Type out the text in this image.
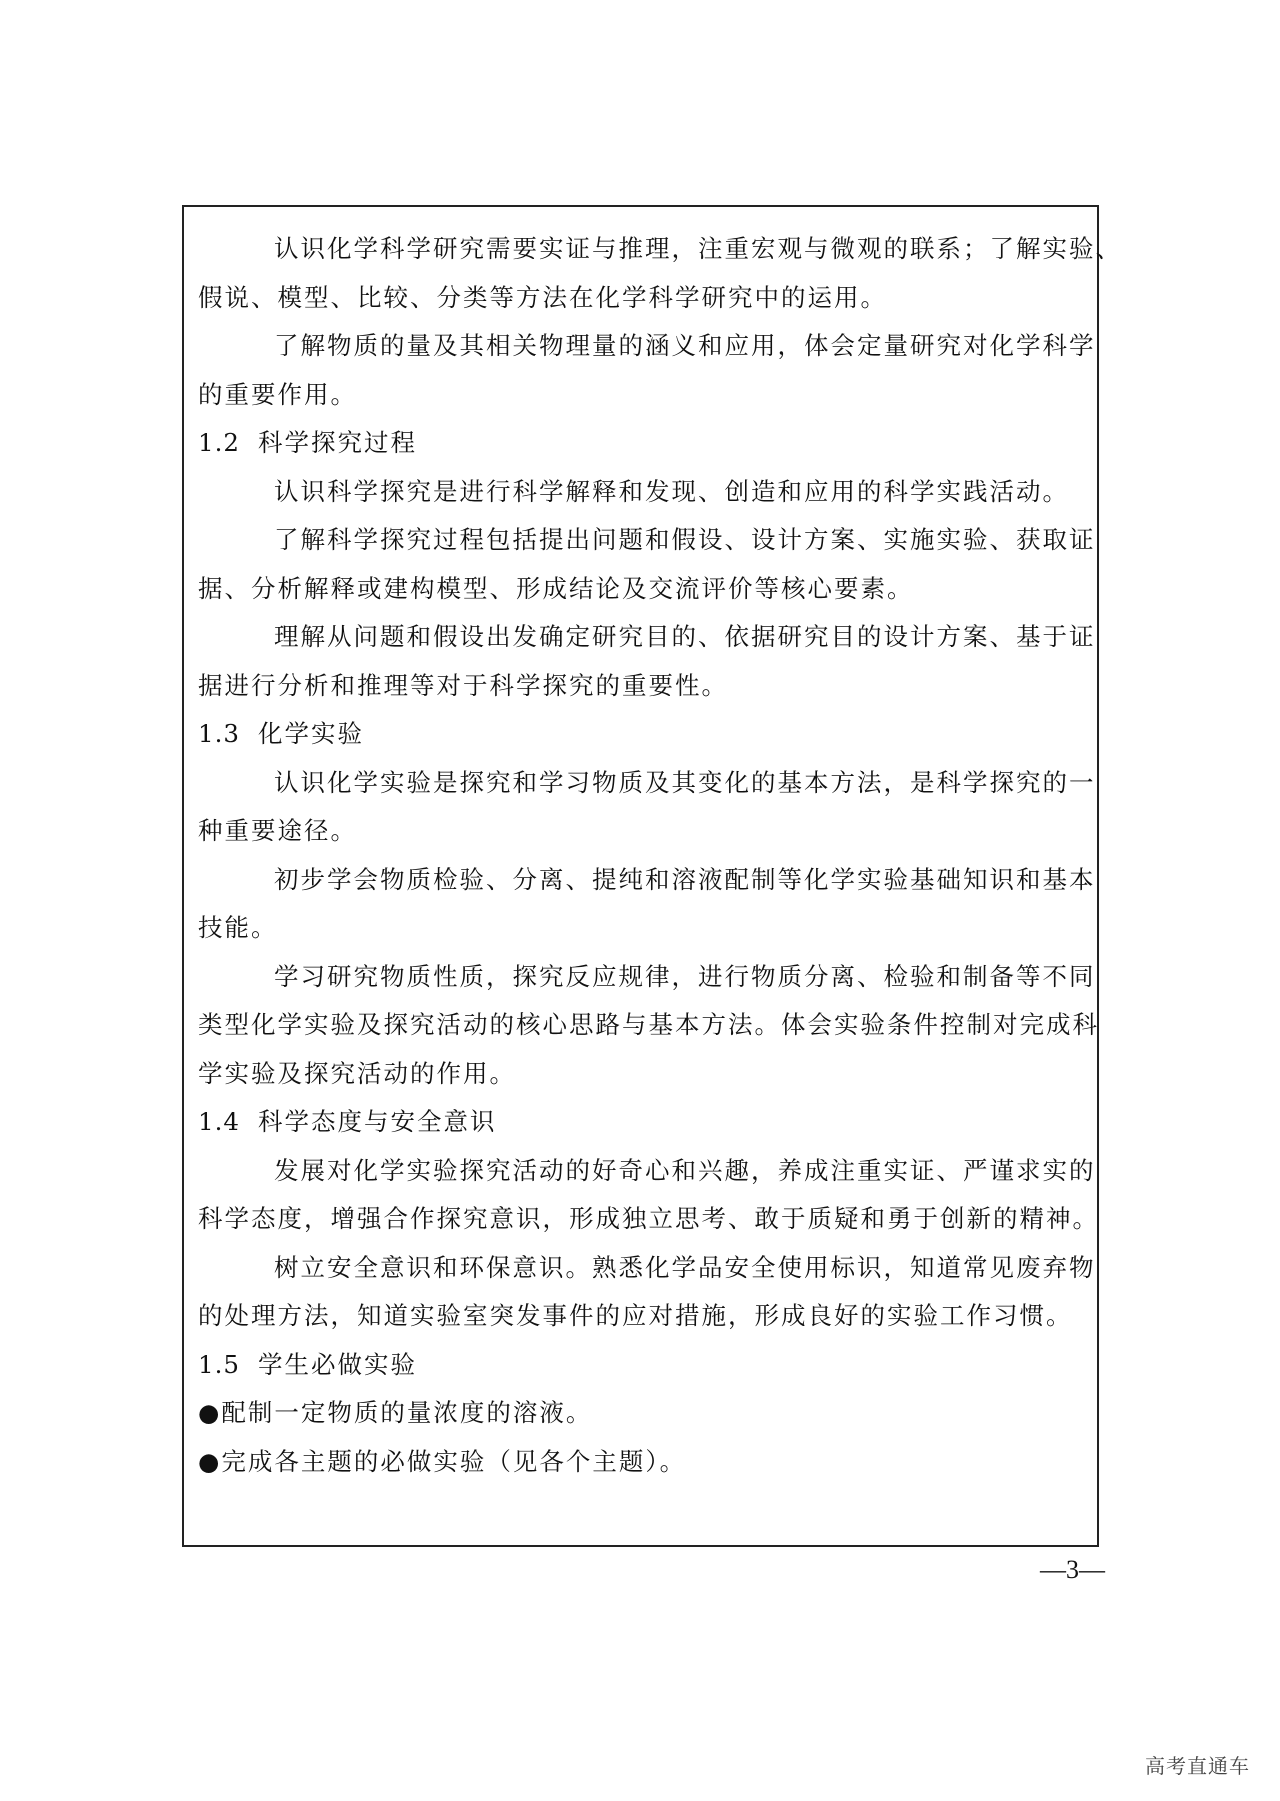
认识化学科学研究需要实证与推理，注重宏观与微观的联系；了解实验、
假说、模型、比较、分类等方法在化学科学研究中的运用。
了解物质的量及其相关物理量的涵义和应用，体会定量研究对化学科学
的重要作用。
1.2 科学探究过程
认识科学探究是进行科学解释和发现、创造和应用的科学实践活动。
了解科学探究过程包括提出问题和假设、设计方案、实施实验、获取证
据、分析解释或建构模型、形成结论及交流评价等核心要素。
理解从问题和假设出发确定研究目的、依据研究目的设计方案、基于证
据进行分析和推理等对于科学探究的重要性。
1.3 化学实验
认识化学实验是探究和学习物质及其变化的基本方法，是科学探究的一
种重要途径。
初步学会物质检验、分离、提纯和溶液配制等化学实验基础知识和基本
技能。
学习研究物质性质，探究反应规律，进行物质分离、检验和制备等不同
类型化学实验及探究活动的核心思路与基本方法。体会实验条件控制对完成科
学实验及探究活动的作用。
1.4 科学态度与安全意识
发展对化学实验探究活动的好奇心和兴趣，养成注重实证、严谨求实的
科学态度，增强合作探究意识，形成独立思考、敢于质疑和勇于创新的精神。
树立安全意识和环保意识。熟悉化学品安全使用标识，知道常见废弃物
的处理方法，知道实验室突发事件的应对措施，形成良好的实验工作习惯。
1.5 学生必做实验
●配制一定物质的量浓度的溶液。
●完成各主题的必做实验（见各个主题）。
—3—
高考直通车
